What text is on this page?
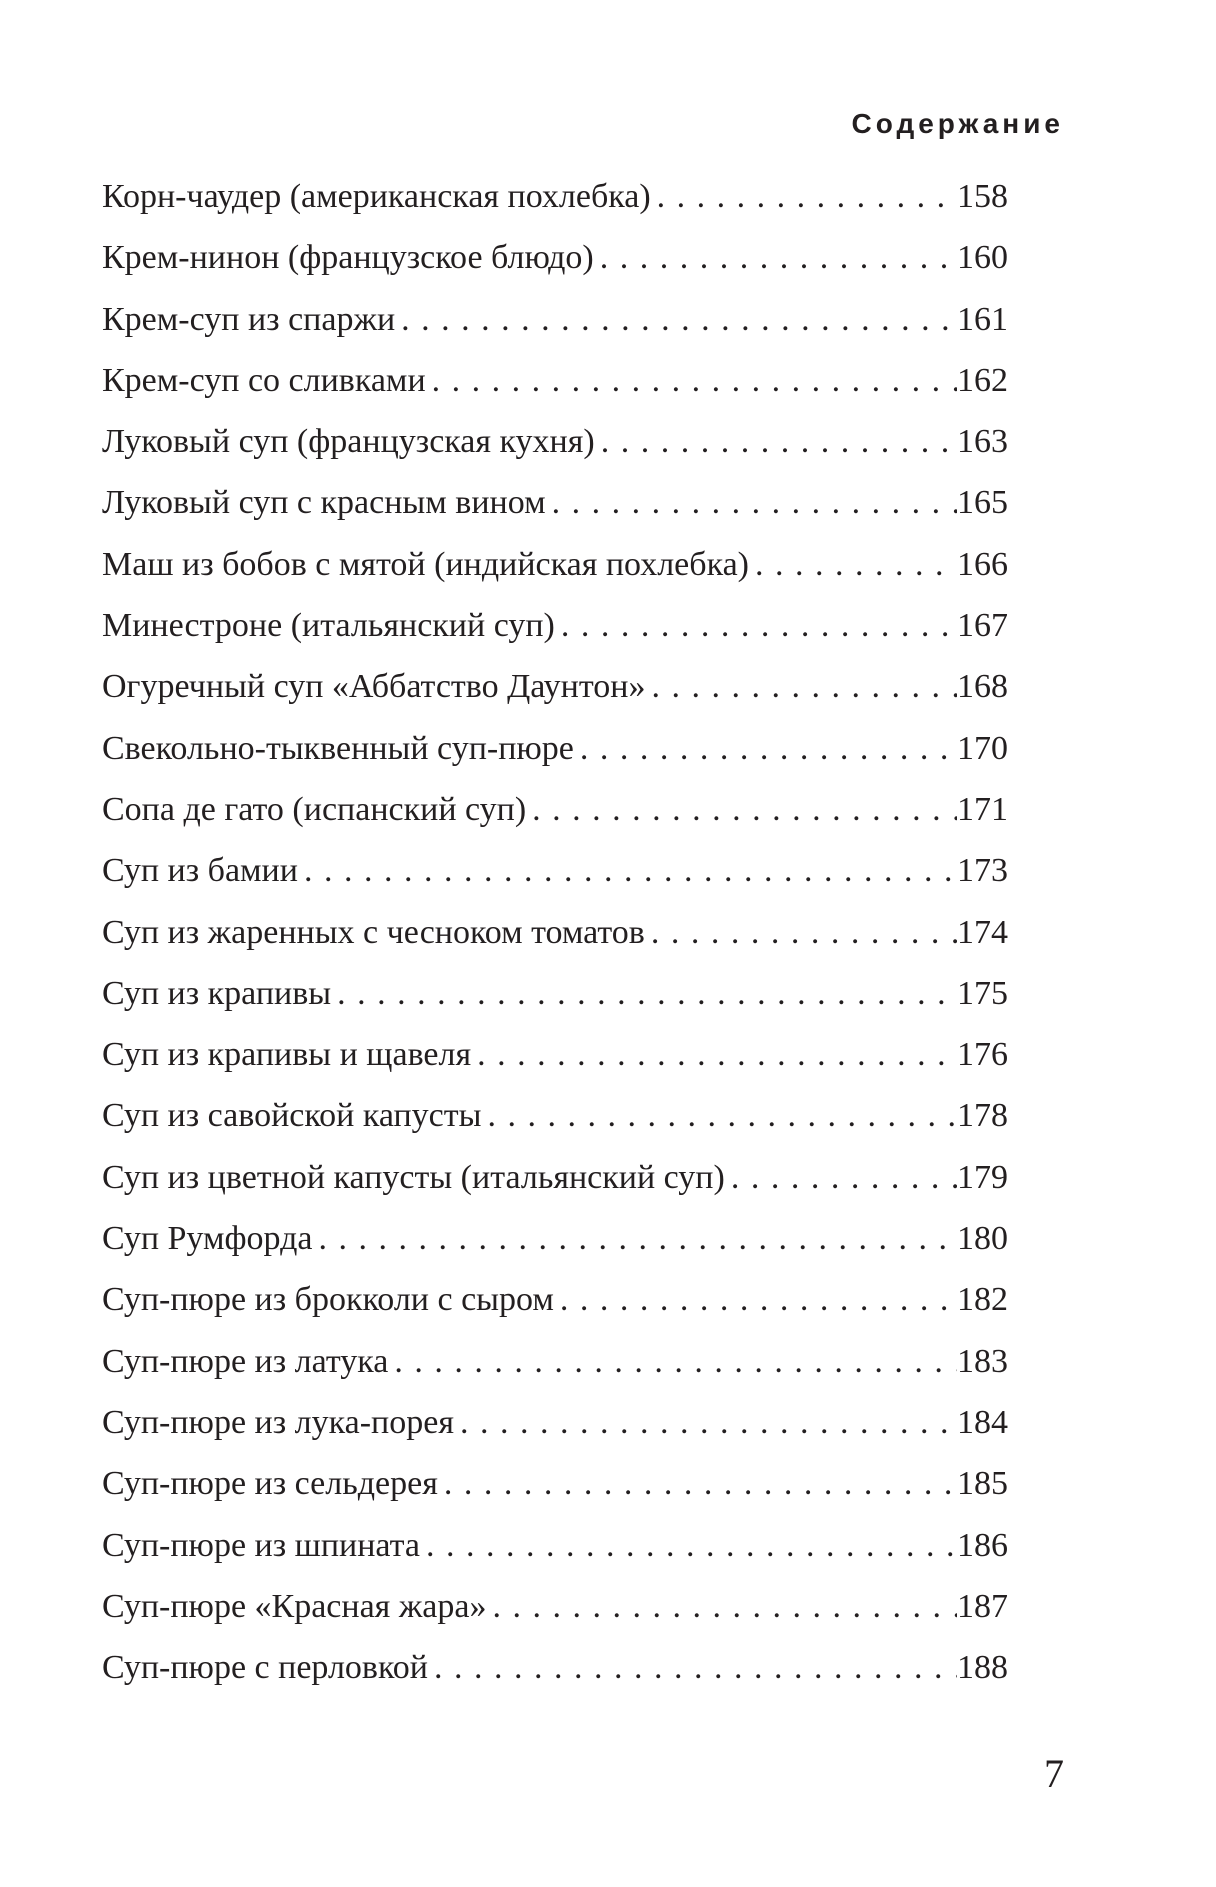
Содержание
Корн-чаудер (американская похлебка) . . .	158
Крем-нинон (французское блюдо) . . .	160
Крем-суп из спаржи . . .	161
Крем-суп со сливками . . .	162
Луковый суп (французская кухня) . . .	163
Луковый суп с красным вином . . .	165
Маш из бобов с мятой (индийская похлебка) . . .	166
Минестроне (итальянский суп) . . .	167
Огуречный суп «Аббатство Даунтон» . . .	168
Свекольно-тыквенный суп-пюре . . .	170
Сопа де гато (испанский суп) . . .	171
Суп из бамии . . .	173
Суп из жаренных с чесноком томатов . . .	174
Суп из крапивы . . .	175
Суп из крапивы и щавеля . . .	176
Суп из савойской капусты . . .	178
Суп из цветной капусты (итальянский суп) . . .	179
Суп Румфорда . . .	180
Суп-пюре из брокколи с сыром . . .	182
Суп-пюре из латука . . .	183
Суп-пюре из лука-порея . . .	184
Суп-пюре из сельдерея . . .	185
Суп-пюре из шпината . . .	186
Суп-пюре «Красная жара» . . .	187
Суп-пюре с перловкой . . .	188
7
